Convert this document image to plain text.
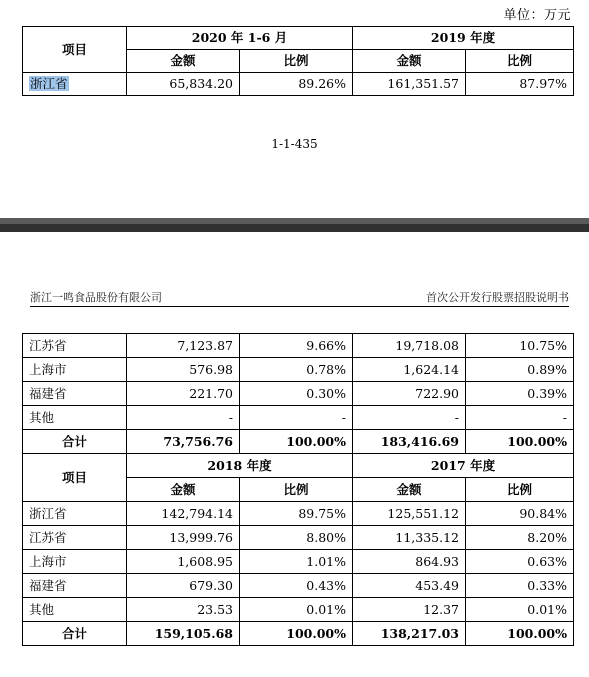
单位：万元
项目	2020 年 1-6 月		2019 年度	
	金额	比例	金额	比例
浙江省	65,834.20	89.26%	161,351.57	87.97%
1-1-435
浙江一鸣食品股份有限公司	首次公开发行股票招股说明书
江苏省	7,123.87	9.66%	19,718.08	10.75%
上海市	576.98	0.78%	1,624.14	0.89%
福建省	221.70	0.30%	722.90	0.39%
其他	-	-	-	-
合计	73,756.76	100.00%	183,416.69	100.00%
项目	2018 年度		2017 年度	
	金额	比例	金额	比例
浙江省	142,794.14	89.75%	125,551.12	90.84%
江苏省	13,999.76	8.80%	11,335.12	8.20%
上海市	1,608.95	1.01%	864.93	0.63%
福建省	679.30	0.43%	453.49	0.33%
其他	23.53	0.01%	12.37	0.01%
合计	159,105.68	100.00%	138,217.03	100.00%
